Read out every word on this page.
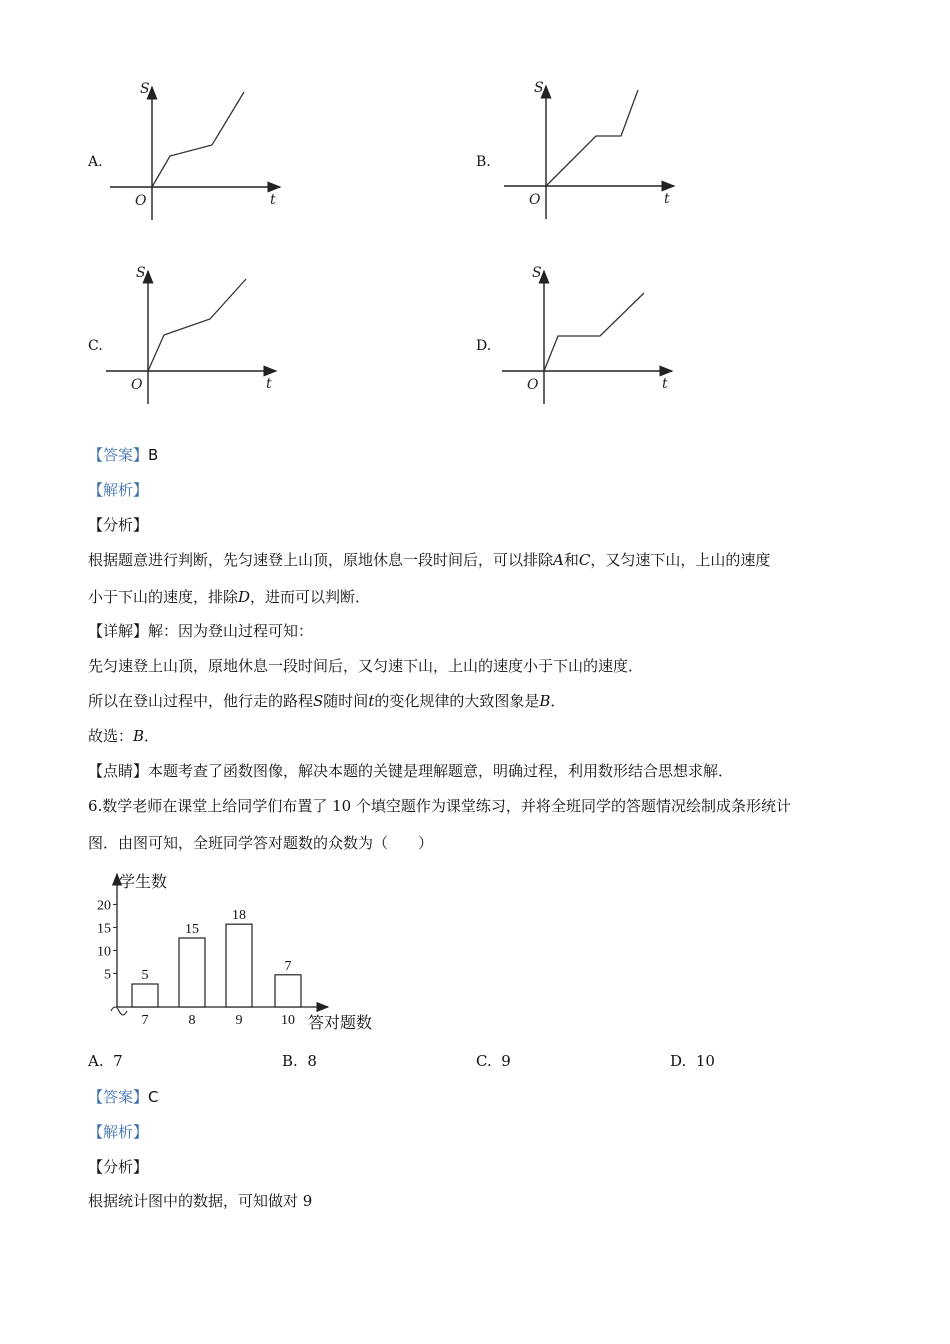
A.	B.
C.	D.
S
t
O
S
t
O
S
t
O
S
t
O
【答案】B
【解析】
【分析】
根据题意进行判断，先匀速登上山顶，原地休息一段时间后，可以排除A和C，又匀速下山，上山的速度
小于下山的速度，排除D，进而可以判断．
【详解】解：因为登山过程可知：
先匀速登上山顶，原地休息一段时间后，又匀速下山，上山的速度小于下山的速度．
所以在登山过程中，他行走的路程S随时间t的变化规律的大致图象是B．
故选：B．
【点睛】本题考查了函数图像，解决本题的关键是理解题意，明确过程，利用数形结合思想求解．
6.数学老师在课堂上给同学们布置了 10 个填空题作为课堂练习，并将全班同学的答题情况绘制成条形统计
图．由图可知，全班同学答对题数的众数为（　　）
学生数
答对题数
5
10
15
20
5
7
15
8
18
9
7
10
A. 7	B. 8	C. 9	D. 10
【答案】C
【解析】
【分析】
根据统计图中的数据，可知做对 9
